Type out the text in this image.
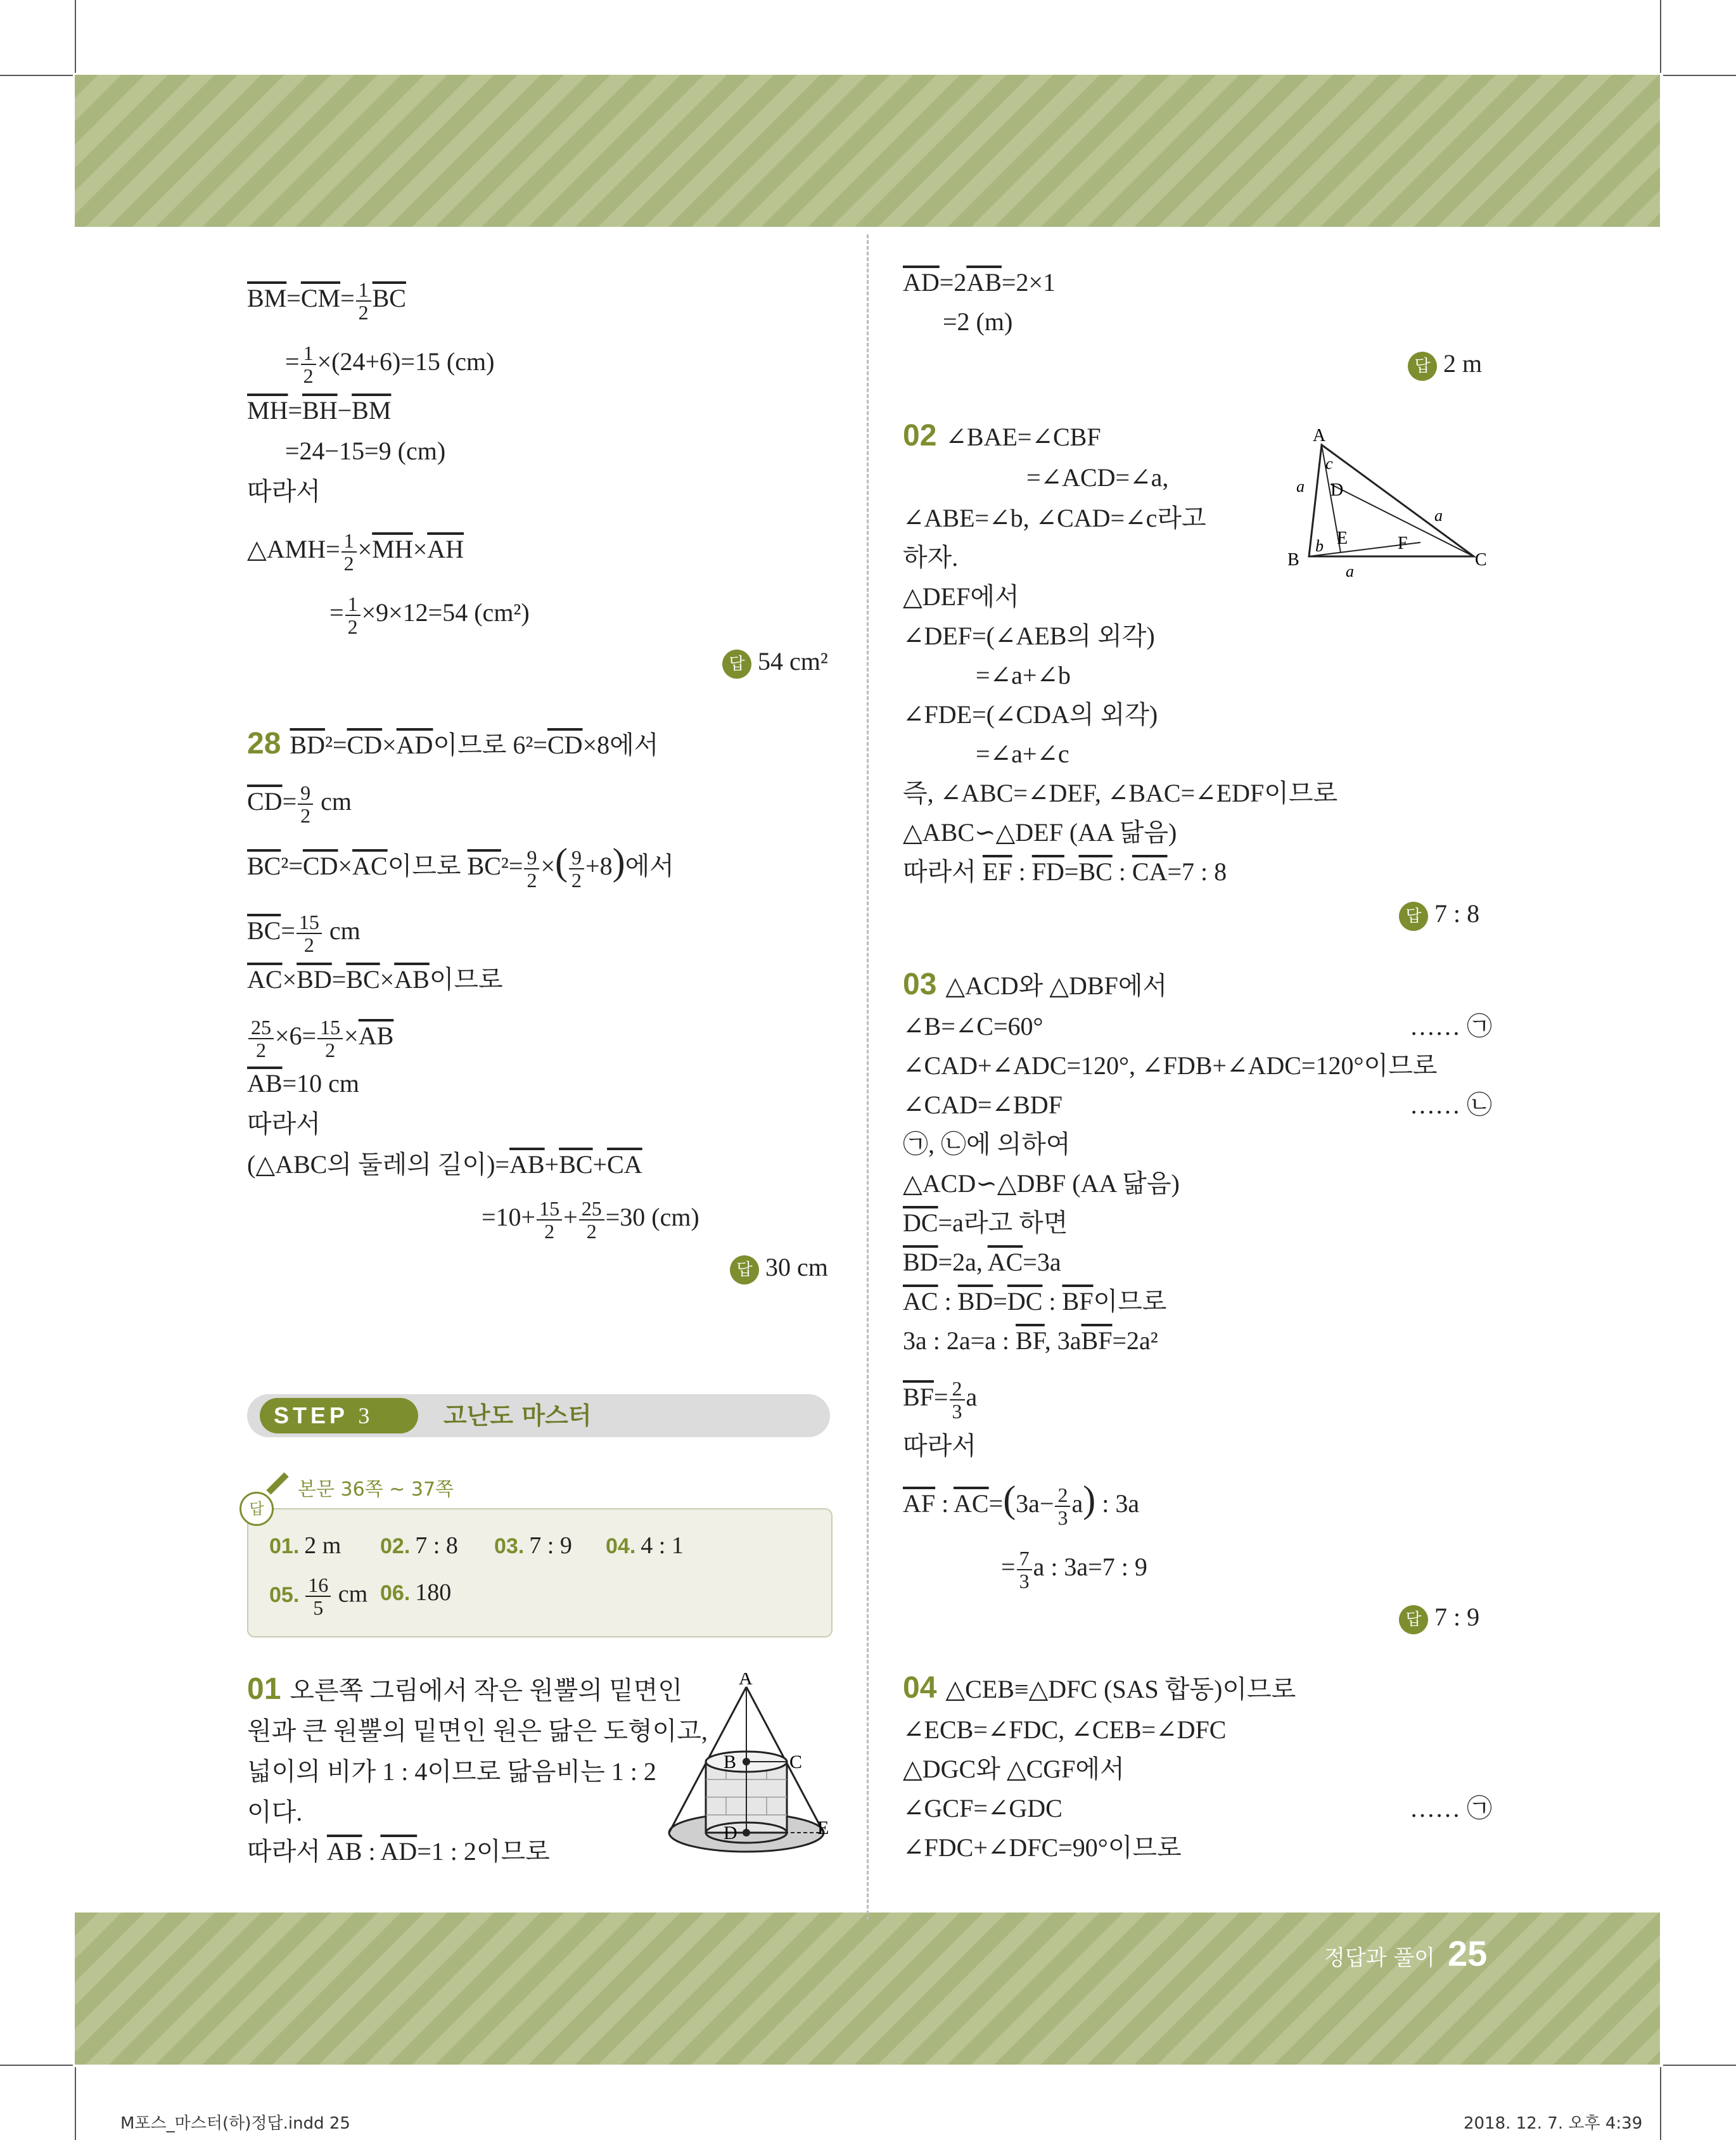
정답과 풀이 25
M포스_마스터(하)정답.indd 25	2018. 12. 7. 오후 4:39
$\overline{BM}=\overline{CM}= \frac{1}{2} \overline{BC}$
= $\frac{1}{2} \times(24+6)=15$ (cm)
$\overline{MH}=\overline{BH}-\overline{BM}$
=24−15=9 (cm)
따라서
△AMH= $\frac{1}{2} \times\overline{MH}\times\overline{AH}$
= $\frac{1}{2} \times 9\times 12=54$ (cm²)
답 54 cm²
28 $\overline{BD}^2=\overline{CD}\times\overline{AD}$이므로 $6^2=\overline{CD}\times 8$에서
$\overline{CD}= \frac{9}{2}$ cm
$\overline{BC}^2=\overline{CD}\times\overline{AC}$이므로 $\overline{BC}^2= \frac{9}{2}$ ×( $\frac{9}{2} +8$)에서
$\overline{BC}= \frac{15}{2}$ cm
$\overline{AC}\times\overline{BD}=\overline{BC}\times\overline{AB}$이므로
$\frac{25}{2} \times 6= \frac{15}{2} \times\overline{AB}$
$\overline{AB}=10$ cm
따라서
(△ABC의 둘레의 길이)$=\overline{AB}+\overline{BC}+\overline{CA}$
$=10+ \frac{15}{2} + \frac{25}{2} =30$ (cm)
답 30 cm
STEP 3	고난도 마스터
본문 36쪽 ~ 37쪽
답
01. 2 m 02. 7 : 8 03. 7 : 9 04. 4 : 1
05. $\frac{16}{5}$ cm 06. 180
01 오른쪽 그림에서 작은 원뿔의 밑면인
원과 큰 원뿔의 밑면인 원은 닮은 도형이고,
넓이의 비가 1 : 4이므로 닮음비는 1 : 2
이다.
따라서 $\overline{AB}$ : $\overline{AD}=1$ : 2이므로
A
B	C
D	E
$\overline{AD}=2\overline{AB}=2\times 1$
=2 (m)
답 2 m
02 ∠BAE=∠CBF
=∠ACD=∠a,
∠ABE=∠b, ∠CAD=∠c라고
하자.
△DEF에서
∠DEF=(∠AEB의 외각)
=∠a+∠b
∠FDE=(∠CDA의 외각)
=∠a+∠c
즉, ∠ABC=∠DEF, ∠BAC=∠EDF이므로
△ABC∽△DEF (AA 닮음)
따라서 $\overline{EF}$ : $\overline{FD}=\overline{BC}$ : $\overline{CA}=7$ : 8
답 7 : 8
A
B	C
D
E	F
a
a
a
b
c
03 △ACD와 △DBF에서
∠B=∠C=60°	…… ㉠
∠CAD+∠ADC=120°, ∠FDB+∠ADC=120°이므로
∠CAD=∠BDF	…… ㉡
㉠, ㉡에 의하여
△ACD∽△DBF (AA 닮음)
$\overline{DC}=a$라고 하면
$\overline{BD}=2a$, $\overline{AC}=3a$
$\overline{AC}$ : $\overline{BD}=\overline{DC}$ : $\overline{BF}$이므로
3a : 2a=a : $\overline{BF}$, $3a\overline{BF}=2a^2$
$\overline{BF}= \frac{2}{3}$ a
따라서
$\overline{AF}$ : $\overline{AC}=(3a- \frac{2}{3} a)$ : 3a
= $\frac{7}{3}$ a : 3a=7 : 9
답 7 : 9
04 △CEB≡△DFC (SAS 합동)이므로
∠ECB=∠FDC, ∠CEB=∠DFC
△DGC와 △CGF에서
∠GCF=∠GDC	…… ㉠
∠FDC+∠DFC=90°이므로
